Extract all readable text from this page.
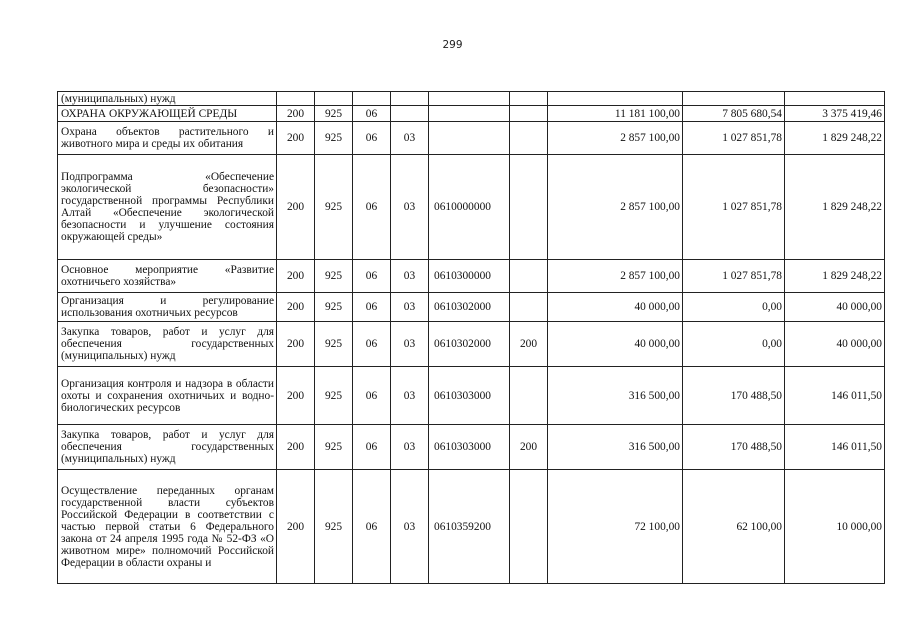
299
(муниципальных) нужд									
ОХРАНА ОКРУЖАЮЩЕЙ СРЕДЫ	200	925	06				11 181 100,00	7 805 680,54	3 375 419,46
Охрана объектов растительного и животного мира и среды их обитания	200	925	06	03			2 857 100,00	1 027 851,78	1 829 248,22
Подпрограмма «Обеспечение экологической безопасности» государственной программы Республики Алтай «Обеспечение экологической безопасности и улучшение состояния окружающей среды»	200	925	06	03	0610000000		2 857 100,00	1 027 851,78	1 829 248,22
Основное мероприятие «Развитие охотничьего хозяйства»	200	925	06	03	0610300000		2 857 100,00	1 027 851,78	1 829 248,22
Организация и регулирование использования охотничьих ресурсов	200	925	06	03	0610302000		40 000,00	0,00	40 000,00
Закупка товаров, работ и услуг для обеспечения государственных (муниципальных) нужд	200	925	06	03	0610302000	200	40 000,00	0,00	40 000,00
Организация контроля и надзора в области охоты и сохранения охотничьих и водно-биологических ресурсов	200	925	06	03	0610303000		316 500,00	170 488,50	146 011,50
Закупка товаров, работ и услуг для обеспечения государственных (муниципальных) нужд	200	925	06	03	0610303000	200	316 500,00	170 488,50	146 011,50
Осуществление переданных органам государственной власти субъектов Российской Федерации в соответствии с частью первой статьи 6 Федерального закона от 24 апреля 1995 года № 52-ФЗ «О животном мире» полномочий Российской Федерации в области охраны и	200	925	06	03	0610359200		72 100,00	62 100,00	10 000,00
